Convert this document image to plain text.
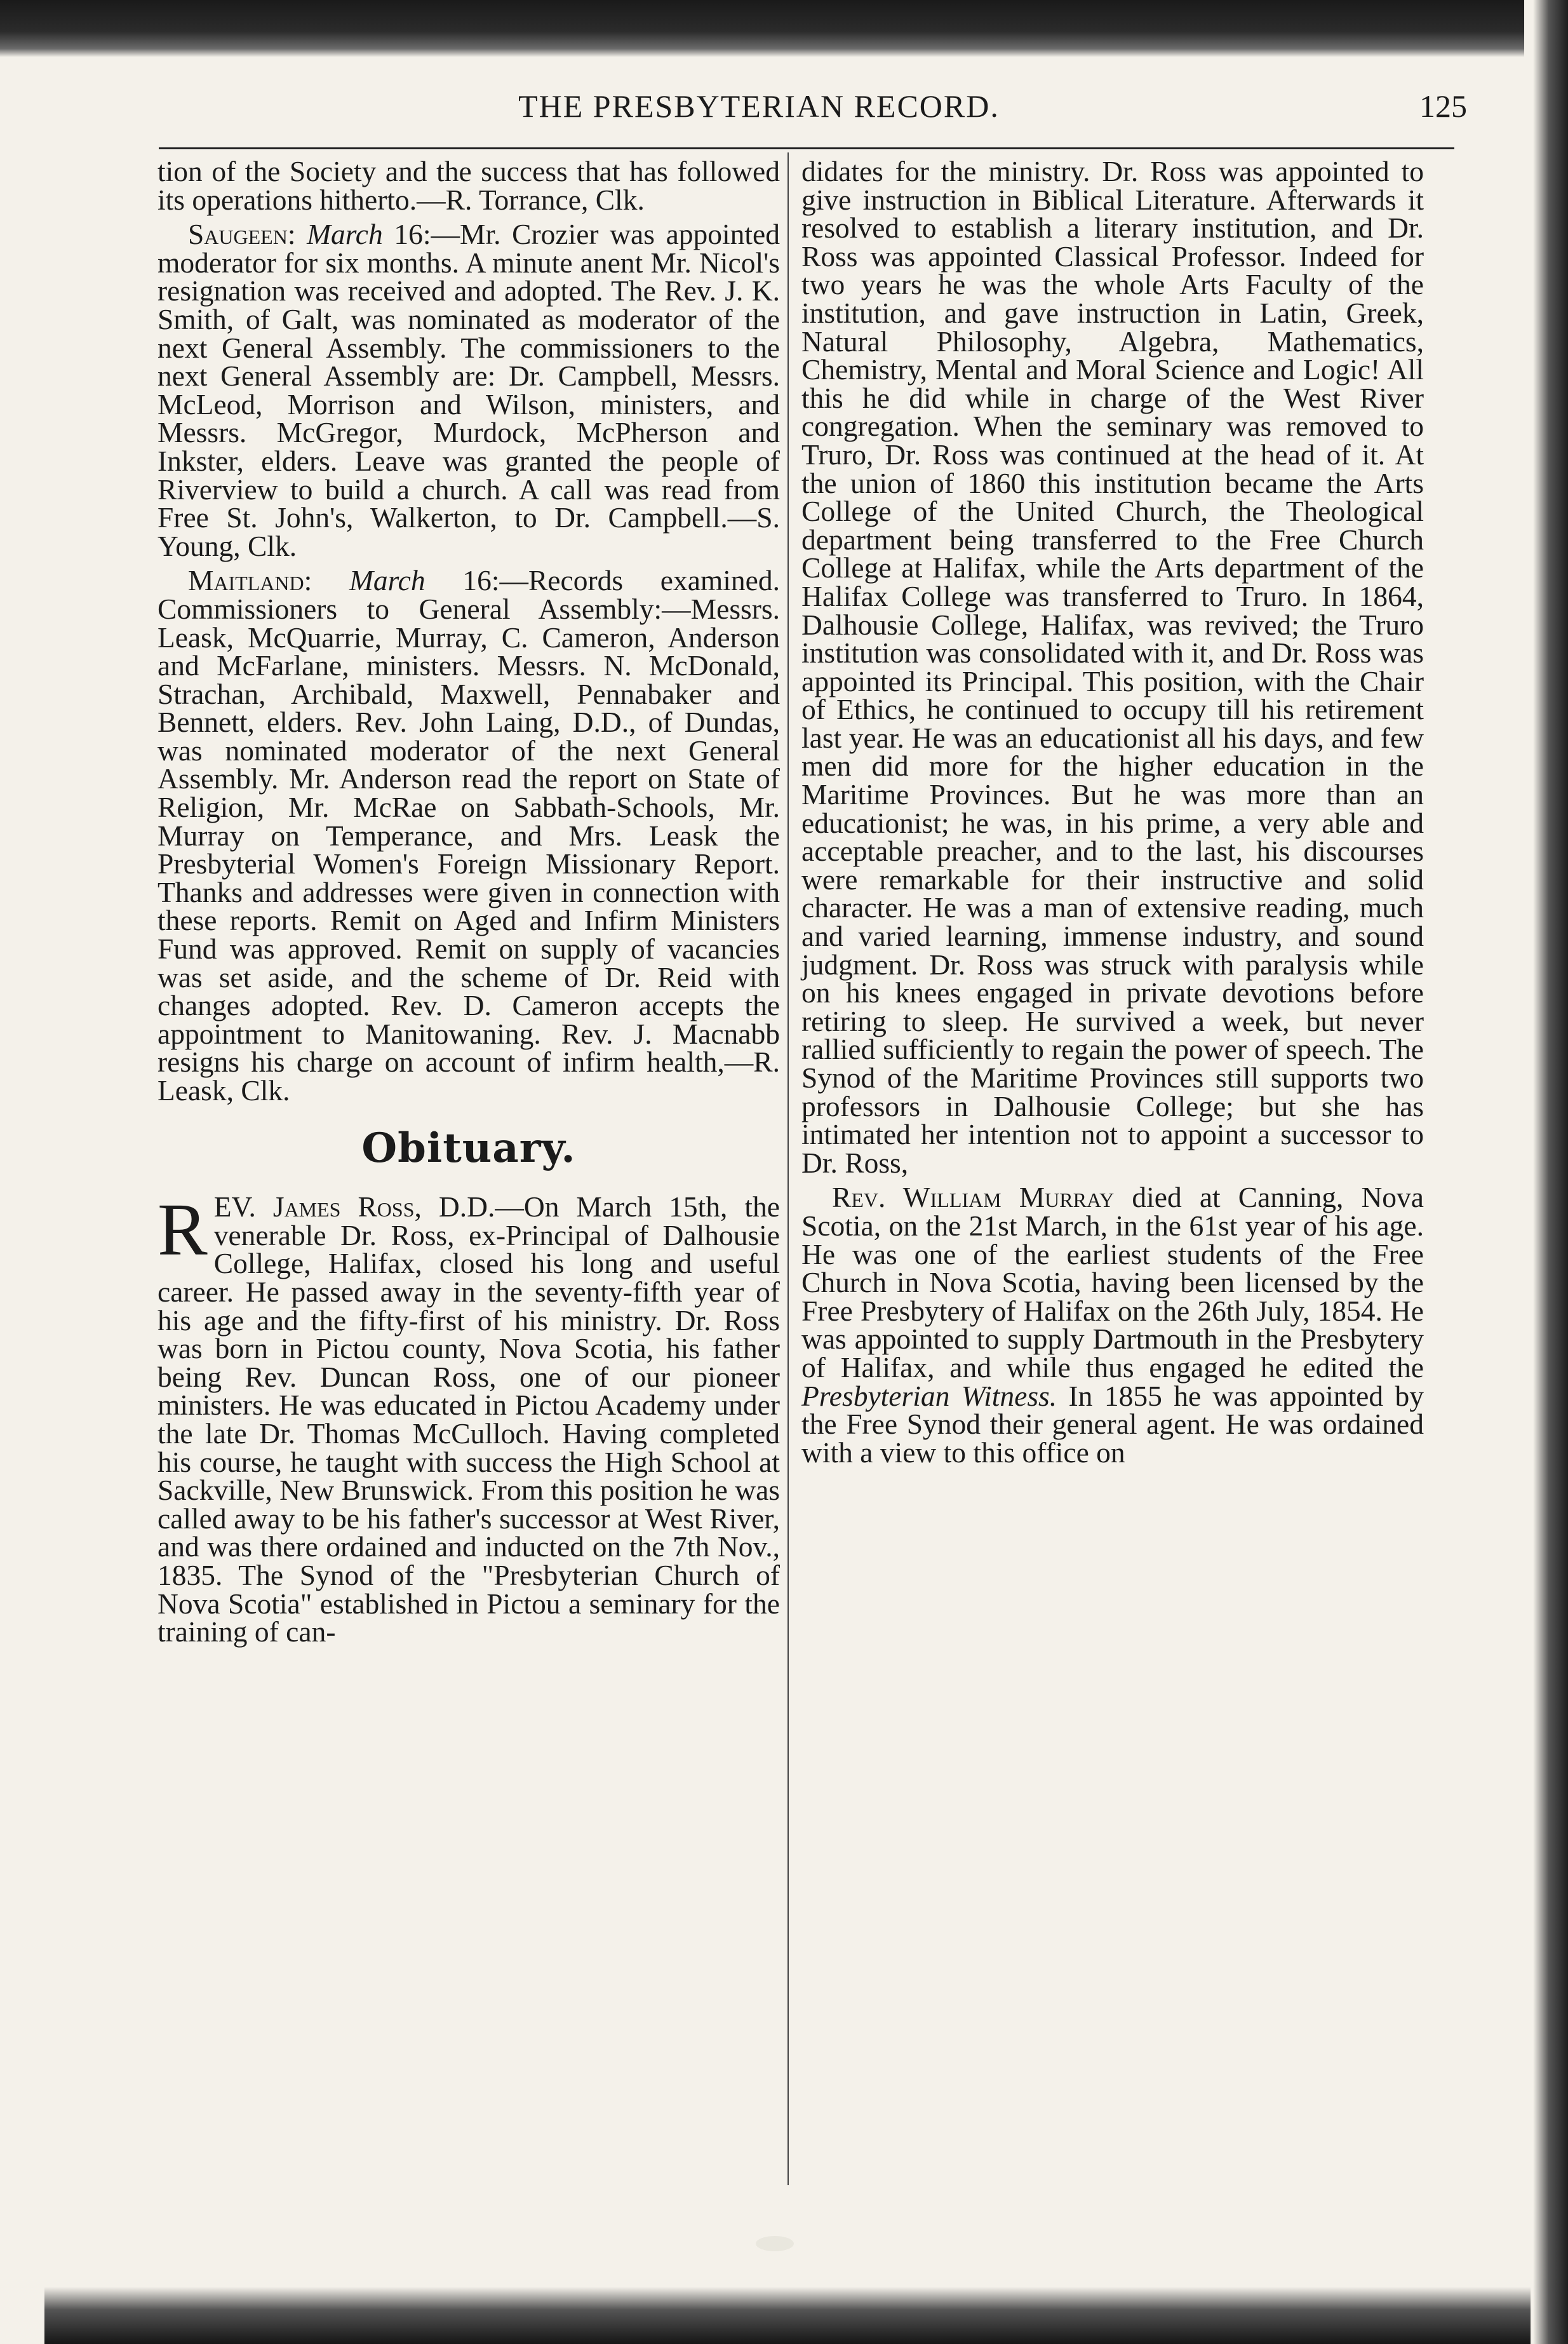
THE PRESBYTERIAN RECORD.	125

tion of the Society and the success that has followed its operations hitherto.—R. Torrance, Clk.

Saugeen: March 16:—Mr. Crozier was appointed moderator for six months. A minute anent Mr. Nicol's resignation was received and adopted. The Rev. J. K. Smith, of Galt, was nominated as moderator of the next General Assembly. The commissioners to the next General Assembly are: Dr. Campbell, Messrs. McLeod, Morrison and Wilson, ministers, and Messrs. McGregor, Murdock, McPherson and Inkster, elders. Leave was granted the people of Riverview to build a church. A call was read from Free St. John's, Walkerton, to Dr. Campbell.—S. Young, Clk.

Maitland: March 16:—Records examined. Commissioners to General Assembly:—Messrs. Leask, McQuarrie, Murray, C. Cameron, Anderson and McFarlane, ministers. Messrs. N. McDonald, Strachan, Archibald, Maxwell, Pennabaker and Bennett, elders. Rev. John Laing, D.D., of Dundas, was nominated moderator of the next General Assembly. Mr. Anderson read the report on State of Religion, Mr. McRae on Sabbath-Schools, Mr. Murray on Temperance, and Mrs. Leask the Presbyterial Women's Foreign Missionary Report. Thanks and addresses were given in connection with these reports. Remit on Aged and Infirm Ministers Fund was approved. Remit on supply of vacancies was set aside, and the scheme of Dr. Reid with changes adopted. Rev. D. Cameron accepts the appointment to Manitowaning. Rev. J. Macnabb resigns his charge on account of infirm health,—R. Leask, Clk.

Obituary.

REV. James Ross, D.D.—On March 15th, the venerable Dr. Ross, ex-Principal of Dalhousie College, Halifax, closed his long and useful career. He passed away in the seventy-fifth year of his age and the fifty-first of his ministry. Dr. Ross was born in Pictou county, Nova Scotia, his father being Rev. Duncan Ross, one of our pioneer ministers. He was educated in Pictou Academy under the late Dr. Thomas McCulloch. Having completed his course, he taught with success the High School at Sackville, New Brunswick. From this position he was called away to be his father's successor at West River, and was there ordained and inducted on the 7th Nov., 1835. The Synod of the "Presbyterian Church of Nova Scotia" established in Pictou a seminary for the training of can-

didates for the ministry. Dr. Ross was appointed to give instruction in Biblical Literature. Afterwards it resolved to establish a literary institution, and Dr. Ross was appointed Classical Professor. Indeed for two years he was the whole Arts Faculty of the institution, and gave instruction in Latin, Greek, Natural Philosophy, Algebra, Mathematics, Chemistry, Mental and Moral Science and Logic! All this he did while in charge of the West River congregation. When the seminary was removed to Truro, Dr. Ross was continued at the head of it. At the union of 1860 this institution became the Arts College of the United Church, the Theological department being transferred to the Free Church College at Halifax, while the Arts department of the Halifax College was transferred to Truro. In 1864, Dalhousie College, Halifax, was revived; the Truro institution was consolidated with it, and Dr. Ross was appointed its Principal. This position, with the Chair of Ethics, he continued to occupy till his retirement last year. He was an educationist all his days, and few men did more for the higher education in the Maritime Provinces. But he was more than an educationist; he was, in his prime, a very able and acceptable preacher, and to the last, his discourses were remarkable for their instructive and solid character. He was a man of extensive reading, much and varied learning, immense industry, and sound judgment. Dr. Ross was struck with paralysis while on his knees engaged in private devotions before retiring to sleep. He survived a week, but never rallied sufficiently to regain the power of speech. The Synod of the Maritime Provinces still supports two professors in Dalhousie College; but she has intimated her intention not to appoint a successor to Dr. Ross,

Rev. William Murray died at Canning, Nova Scotia, on the 21st March, in the 61st year of his age. He was one of the earliest students of the Free Church in Nova Scotia, having been licensed by the Free Presbytery of Halifax on the 26th July, 1854. He was appointed to supply Dartmouth in the Presbytery of Halifax, and while thus engaged he edited the Presbyterian Witness. In 1855 he was appointed by the Free Synod their general agent. He was ordained with a view to this office on
